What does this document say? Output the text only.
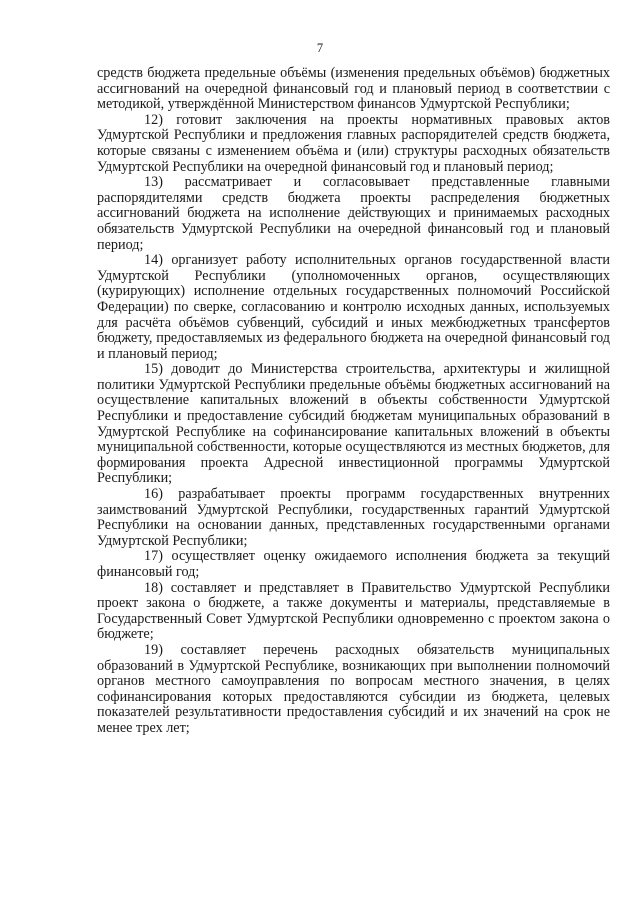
7

средств бюджета предельные объёмы (изменения предельных объёмов) бюджетных ассигнований на очередной финансовый год и плановый период в соответствии с методикой, утверждённой Министерством финансов Удмуртской Республики;

12) готовит заключения на проекты нормативных правовых актов Удмуртской Республики и предложения главных распорядителей средств бюджета, которые связаны с изменением объёма и (или) структуры расходных обязательств Удмуртской Республики на очередной финансовый год и плановый период;

13) рассматривает и согласовывает представленные главными распорядителями средств бюджета проекты распределения бюджетных ассигнований бюджета на исполнение действующих и принимаемых расходных обязательств Удмуртской Республики на очередной финансовый год и плановый период;

14) организует работу исполнительных органов государственной власти Удмуртской Республики (уполномоченных органов, осуществляющих (курирующих) исполнение отдельных государственных полномочий Российской Федерации) по сверке, согласованию и контролю исходных данных, используемых для расчёта объёмов субвенций, субсидий и иных межбюджетных трансфертов бюджету, предоставляемых из федерального бюджета на очередной финансовый год и плановый период;

15) доводит до Министерства строительства, архитектуры и жилищной политики Удмуртской Республики предельные объёмы бюджетных ассигнований на осуществление капитальных вложений в объекты собственности Удмуртской Республики и предоставление субсидий бюджетам муниципальных образований в Удмуртской Республике на софинансирование капитальных вложений в объекты муниципальной собственности, которые осуществляются из местных бюджетов, для формирования проекта Адресной инвестиционной программы Удмуртской Республики;

16) разрабатывает проекты программ государственных внутренних заимствований Удмуртской Республики, государственных гарантий Удмуртской Республики на основании данных, представленных государственными органами Удмуртской Республики;

17) осуществляет оценку ожидаемого исполнения бюджета за текущий финансовый год;

18) составляет и представляет в Правительство Удмуртской Республики проект закона о бюджете, а также документы и материалы, представляемые в Государственный Совет Удмуртской Республики одновременно с проектом закона о бюджете;

19) составляет перечень расходных обязательств муниципальных образований в Удмуртской Республике, возникающих при выполнении полномочий органов местного самоуправления по вопросам местного значения, в целях софинансирования которых предоставляются субсидии из бюджета, целевых показателей результативности предоставления субсидий и их значений на срок не менее трех лет;
